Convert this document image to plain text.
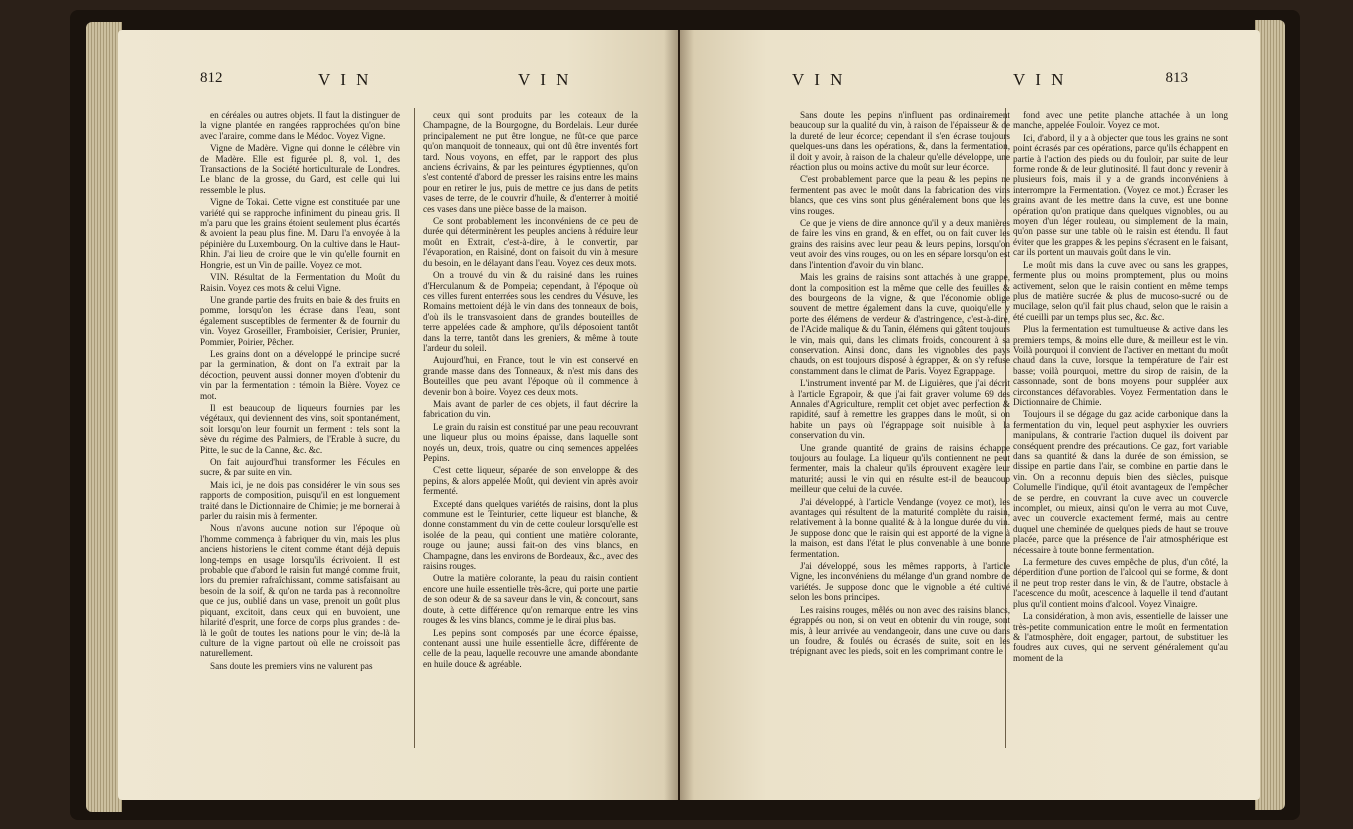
812	V I N	V I N

en céréales ou autres objets. Il faut la distinguer de la vigne plantée en rangées rapprochées qu'on bine avec l'araire, comme dans le Médoc. Voyez Vigne.

Vigne de Madère. Vigne qui donne le célèbre vin de Madère. Elle est figurée pl. 8, vol. 1, des Transactions de la Société horticulturale de Londres. Le blanc de la grosse, du Gard, est celle qui lui ressemble le plus.

Vigne de Tokai. Cette vigne est constituée par une variété qui se rapproche infiniment du pineau gris. Il m'a paru que les grains étoient seulement plus écartés & avoient la peau plus fine. M. Daru l'a envoyée à la pépinière du Luxembourg. On la cultive dans le Haut-Rhin. J'ai lieu de croire que le vin qu'elle fournit en Hongrie, est un Vin de paille. Voyez ce mot.

VIN. Résultat de la Fermentation du Moût du Raisin. Voyez ces mots & celui Vigne.

Une grande partie des fruits en baie & des fruits en pomme, lorsqu'on les écrase dans l'eau, sont également susceptibles de fermenter & de fournir du vin. Voyez Groseiller, Framboisier, Cerisier, Prunier, Pommier, Poirier, Pêcher.

Les grains dont on a développé le principe sucré par la germination, & dont on l'a extrait par la décoction, peuvent aussi donner moyen d'obtenir du vin par la fermentation : témoin la Bière. Voyez ce mot.

Il est beaucoup de liqueurs fournies par les végétaux, qui deviennent des vins, soit spontanément, soit lorsqu'on leur fournit un ferment : tels sont la sève du régime des Palmiers, de l'Erable à sucre, du Pitte, le suc de la Canne, &c. &c.

On fait aujourd'hui transformer les Fécules en sucre, & par suite en vin.

Mais ici, je ne dois pas considérer le vin sous ses rapports de composition, puisqu'il en est longuement traité dans le Dictionnaire de Chimie; je me bornerai à parler du raisin mis à fermenter.

Nous n'avons aucune notion sur l'époque où l'homme commença à fabriquer du vin, mais les plus anciens historiens le citent comme étant déjà depuis long-temps en usage lorsqu'ils écrivoient. Il est probable que d'abord le raisin fut mangé comme fruit, lors du premier rafraîchissant, comme satisfaisant au besoin de la soif, & qu'on ne tarda pas à reconnoître que ce jus, oublié dans un vase, prenoit un goût plus piquant, excitoit, dans ceux qui en buvoient, une hilarité d'esprit, une force de corps plus grandes : de-là le goût de toutes les nations pour le vin; de-là la culture de la vigne partout où elle ne croissoit pas naturellement.

Sans doute les premiers vins ne valurent pas

ceux qui sont produits par les coteaux de la Champagne, de la Bourgogne, du Bordelais. Leur durée principalement ne put être longue, ne fût-ce que parce qu'on manquoit de tonneaux, qui ont dû être inventés fort tard. Nous voyons, en effet, par le rapport des plus anciens écrivains, & par les peintures égyptiennes, qu'on s'est contenté d'abord de presser les raisins entre les mains pour en retirer le jus, puis de mettre ce jus dans de petits vases de terre, de le couvrir d'huile, & d'enterrer à moitié ces vases dans une pièce basse de la maison.

Ce sont probablement les inconvéniens de ce peu de durée qui déterminèrent les peuples anciens à réduire leur moût en Extrait, c'est-à-dire, à le convertir, par l'évaporation, en Raisiné, dont on faisoit du vin à mesure du besoin, en le délayant dans l'eau. Voyez ces deux mots.

On a trouvé du vin & du raisiné dans les ruines d'Herculanum & de Pompeia; cependant, à l'époque où ces villes furent enterrées sous les cendres du Vésuve, les Romains mettoient déjà le vin dans des tonneaux de bois, d'où ils le transvasoient dans de grandes bouteilles de terre appelées cade & amphore, qu'ils déposoient tantôt dans la terre, tantôt dans les greniers, & même à toute l'ardeur du soleil.

Aujourd'hui, en France, tout le vin est conservé en grande masse dans des Tonneaux, & n'est mis dans des Bouteilles que peu avant l'époque où il commence à devenir bon à boire. Voyez ces deux mots.

Mais avant de parler de ces objets, il faut décrire la fabrication du vin.

Le grain du raisin est constitué par une peau recouvrant une liqueur plus ou moins épaisse, dans laquelle sont noyés un, deux, trois, quatre ou cinq semences appelées Pepins.

C'est cette liqueur, séparée de son enveloppe & des pepins, & alors appelée Moût, qui devient vin après avoir fermenté.

Excepté dans quelques variétés de raisins, dont la plus commune est le Teinturier, cette liqueur est blanche, & donne constamment du vin de cette couleur lorsqu'elle est isolée de la peau, qui contient une matière colorante, rouge ou jaune; aussi fait-on des vins blancs, en Champagne, dans les environs de Bordeaux, &c., avec des raisins rouges.

Outre la matière colorante, la peau du raisin contient encore une huile essentielle très-âcre, qui porte une partie de son odeur & de sa saveur dans le vin, & concourt, sans doute, à cette différence qu'on remarque entre les vins rouges & les vins blancs, comme je le dirai plus bas.

Les pepins sont composés par une écorce épaisse, contenant aussi une huile essentielle âcre, différente de celle de la peau, laquelle recouvre une amande abondante en huile douce & agréable.

V I N	V I N	813

Sans doute les pepins n'influent pas ordinairement beaucoup sur la qualité du vin, à raison de l'épaisseur & de la dureté de leur écorce; cependant il s'en écrase toujours quelques-uns dans les opérations, &, dans la fermentation, il doit y avoir, à raison de la chaleur qu'elle développe, une réaction plus ou moins active du moût sur leur écorce.

C'est probablement parce que la peau & les pepins ne fermentent pas avec le moût dans la fabrication des vins blancs, que ces vins sont plus généralement bons que les vins rouges.

Ce que je viens de dire annonce qu'il y a deux manières de faire les vins en grand, & en effet, ou on fait cuver les grains des raisins avec leur peau & leurs pepins, lorsqu'on veut avoir des vins rouges, ou on les en sépare lorsqu'on est dans l'intention d'avoir du vin blanc.

Mais les grains de raisins sont attachés à une grappe, dont la composition est la même que celle des feuilles & des bourgeons de la vigne, & que l'économie oblige souvent de mettre également dans la cuve, quoiqu'elle y porte des élémens de verdeur & d'astringence, c'est-à-dire, de l'Acide malique & du Tanin, élémens qui gâtent toujours le vin, mais qui, dans les climats froids, concourent à sa conservation. Ainsi donc, dans les vignobles des pays chauds, on est toujours disposé à égrapper, & on s'y refuse constamment dans le climat de Paris. Voyez Egrappage.

L'instrument inventé par M. de Liguières, que j'ai décrit à l'article Egrapoir, & que j'ai fait graver volume 69 des Annales d'Agriculture, remplit cet objet avec perfection & rapidité, sauf à remettre les grappes dans le moût, si on habite un pays où l'égrappage soit nuisible à la conservation du vin.

Une grande quantité de grains de raisins échappe toujours au foulage. La liqueur qu'ils contiennent ne peut fermenter, mais la chaleur qu'ils éprouvent exagère leur maturité; aussi le vin qui en résulte est-il de beaucoup meilleur que celui de la cuvée.

J'ai développé, à l'article Vendange (voyez ce mot), les avantages qui résultent de la maturité complète du raisin, relativement à la bonne qualité & à la longue durée du vin. Je suppose donc que le raisin qui est apporté de la vigne à la maison, est dans l'état le plus convenable à une bonne fermentation.

J'ai développé, sous les mêmes rapports, à l'article Vigne, les inconvéniens du mélange d'un grand nombre de variétés. Je suppose donc que le vignoble a été cultivé selon les bons principes.

Les raisins rouges, mêlés ou non avec des raisins blancs, égrappés ou non, si on veut en obtenir du vin rouge, sont mis, à leur arrivée au vendangeoir, dans une cuve ou dans un foudre, & foulés ou écrasés de suite, soit en les trépignant avec les pieds, soit en les comprimant contre le

fond avec une petite planche attachée à un long manche, appelée Fouloir. Voyez ce mot.

Ici, d'abord, il y a à objecter que tous les grains ne sont point écrasés par ces opérations, parce qu'ils échappent en partie à l'action des pieds ou du fouloir, par suite de leur forme ronde & de leur glutinosité. Il faut donc y revenir à plusieurs fois, mais il y a de grands inconvéniens à interrompre la Fermentation. (Voyez ce mot.) Écraser les grains avant de les mettre dans la cuve, est une bonne opération qu'on pratique dans quelques vignobles, ou au moyen d'un léger rouleau, ou simplement de la main, qu'on passe sur une table où le raisin est étendu. Il faut éviter que les grappes & les pepins s'écrasent en le faisant, car ils portent un mauvais goût dans le vin.

Le moût mis dans la cuve avec ou sans les grappes, fermente plus ou moins promptement, plus ou moins activement, selon que le raisin contient en même temps plus de matière sucrée & plus de mucoso-sucré ou de mucilage, selon qu'il fait plus chaud, selon que le raisin a été cueilli par un temps plus sec, &c. &c.

Plus la fermentation est tumultueuse & active dans les premiers temps, & moins elle dure, & meilleur est le vin. Voilà pourquoi il convient de l'activer en mettant du moût chaud dans la cuve, lorsque la température de l'air est basse; voilà pourquoi, mettre du sirop de raisin, de la cassonnade, sont de bons moyens pour suppléer aux circonstances défavorables. Voyez Fermentation dans le Dictionnaire de Chimie.

Toujours il se dégage du gaz acide carbonique dans la fermentation du vin, lequel peut asphyxier les ouvriers manipulans, & contrarie l'action duquel ils doivent par conséquent prendre des précautions. Ce gaz, fort variable dans sa quantité & dans la durée de son émission, se dissipe en partie dans l'air, se combine en partie dans le vin. On a reconnu depuis bien des siècles, puisque Columelle l'indique, qu'il étoit avantageux de l'empêcher de se perdre, en couvrant la cuve avec un couvercle incomplet, ou mieux, ainsi qu'on le verra au mot Cuve, avec un couvercle exactement fermé, mais au centre duquel une cheminée de quelques pieds de haut se trouve placée, parce que la présence de l'air atmosphérique est nécessaire à toute bonne fermentation.

La fermeture des cuves empêche de plus, d'un côté, la déperdition d'une portion de l'alcool qui se forme, & dont il ne peut trop rester dans le vin, & de l'autre, obstacle à l'acescence du moût, acescence à laquelle il tend d'autant plus qu'il contient moins d'alcool. Voyez Vinaigre.

La considération, à mon avis, essentielle de laisser une très-petite communication entre le moût en fermentation & l'atmosphère, doit engager, partout, de substituer les foudres aux cuves, qui ne servent généralement qu'au moment de la
